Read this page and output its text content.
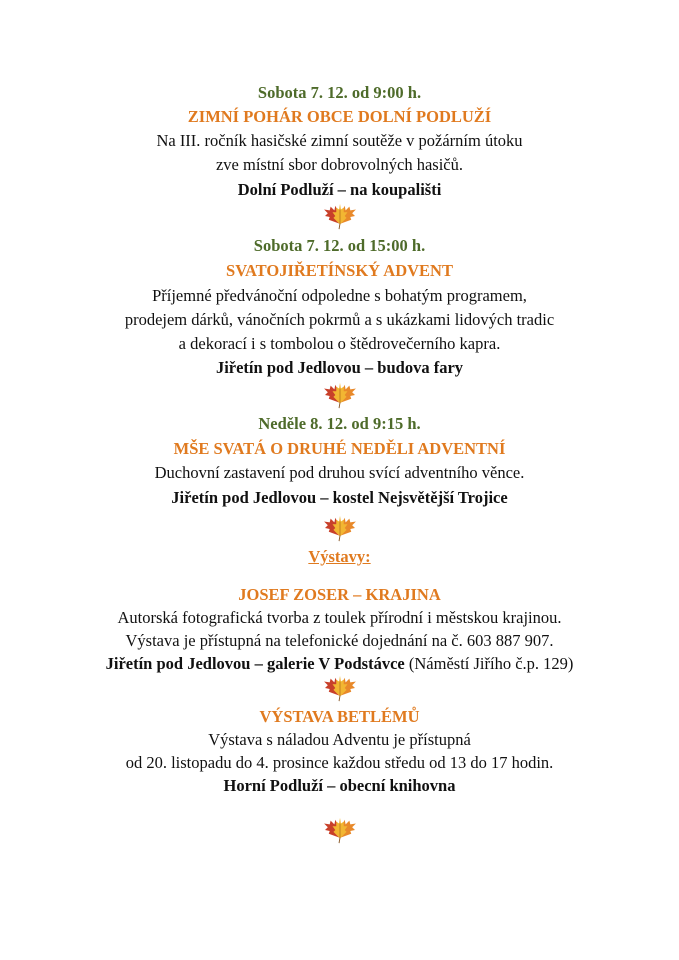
Sobota 7. 12. od 9:00 h.
ZIMNÍ POHÁR OBCE DOLNÍ PODLUŽÍ
Na III. ročník hasičské zimní soutěže v požárním útoku
zve místní sbor dobrovolných hasičů.
Dolní Podluží – na koupališti
Sobota 7. 12. od 15:00 h.
SVATOJIŘETÍNSKÝ ADVENT
Příjemné předvánoční odpoledne s bohatým programem,
prodejem dárků, vánočních pokrmů a s ukázkami lidových tradic
a dekorací i s tombolou o štědrovečerního kapra.
Jiřetín pod Jedlovou – budova fary
Neděle 8. 12. od 9:15 h.
MŠE SVATÁ O DRUHÉ NEDĚLI ADVENTNÍ
Duchovní zastavení pod druhou svící adventního věnce.
Jiřetín pod Jedlovou – kostel Nejsvětější Trojice
Výstavy:
JOSEF ZOSER – KRAJINA
Autorská fotografická tvorba z toulek přírodní i městskou krajinou.
Výstava je přístupná na telefonické dojednání na č. 603 887 907.
Jiřetín pod Jedlovou – galerie V Podstávce (Náměstí Jiřího č.p. 129)
VÝSTAVA BETLÉMŮ
Výstava s náladou Adventu je přístupná
od 20. listopadu do 4. prosince každou středu od 13 do 17 hodin.
Horní Podluží – obecní knihovna
